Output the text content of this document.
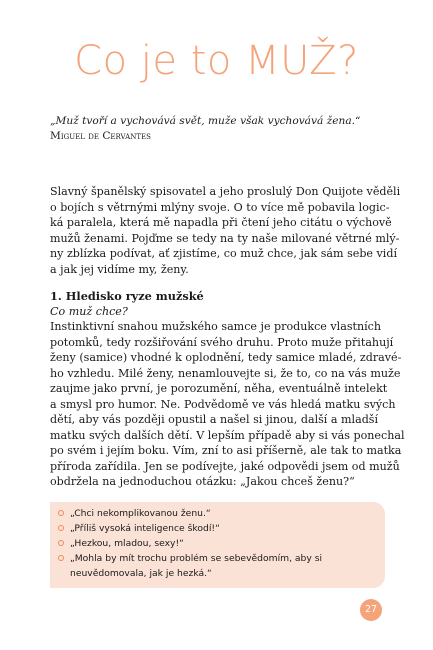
Co je to MUŽ?
„Muž tvoří a vychovává svět, muže však vychovává žena.“
Miguel de Cervantes
Slavný španělský spisovatel a jeho proslulý Don Quijote vědělі
o bojích s větrnými mlýny svoje. O to více mě pobavila logic-
ká paralela, která mě napadla při čtení jeho citátu o výchově
mužů ženami. Pojďme se tedy na ty naše milované větrné mlý-
ny zblízka podívat, ať zjistíme, co muž chce, jak sám sebe vidí
a jak jej vidíme my, ženy.
1. Hledisko ryze mužské
Co muž chce?
Instinktivní snahou mužského samce je produkce vlastních
potomků, tedy rozšiřování svého druhu. Proto muže přitahují
ženy (samice) vhodné k oplodnění, tedy samice mladé, zdravé-
ho vzhledu. Milé ženy, nenamlouvejte si, že to, co na vás muže
zaujme jako první, je porozumění, něha, eventuálně intelekt
a smysl pro humor. Ne. Podvědomě ve vás hledá matku svých
dětí, aby vás později opustil a našel si jinou, další a mladší
matku svých dalších dětí. V lepším případě aby si vás ponechal
po svém i jejím boku. Vím, zní to asi příšerně, ale tak to matka
příroda zařídila. Jen se podívejte, jaké odpovědi jsem od mužů
obdržela na jednoduchou otázku: „Jakou chceš ženu?“
„Chci nekomplikovanou ženu.“
„Příliš vysoká inteligence škodí!“
„Hezkou, mladou, sexy!“
„Mohla by mít trochu problém se sebevědomím, aby si
neuvědomovala, jak je hezká.“
27
